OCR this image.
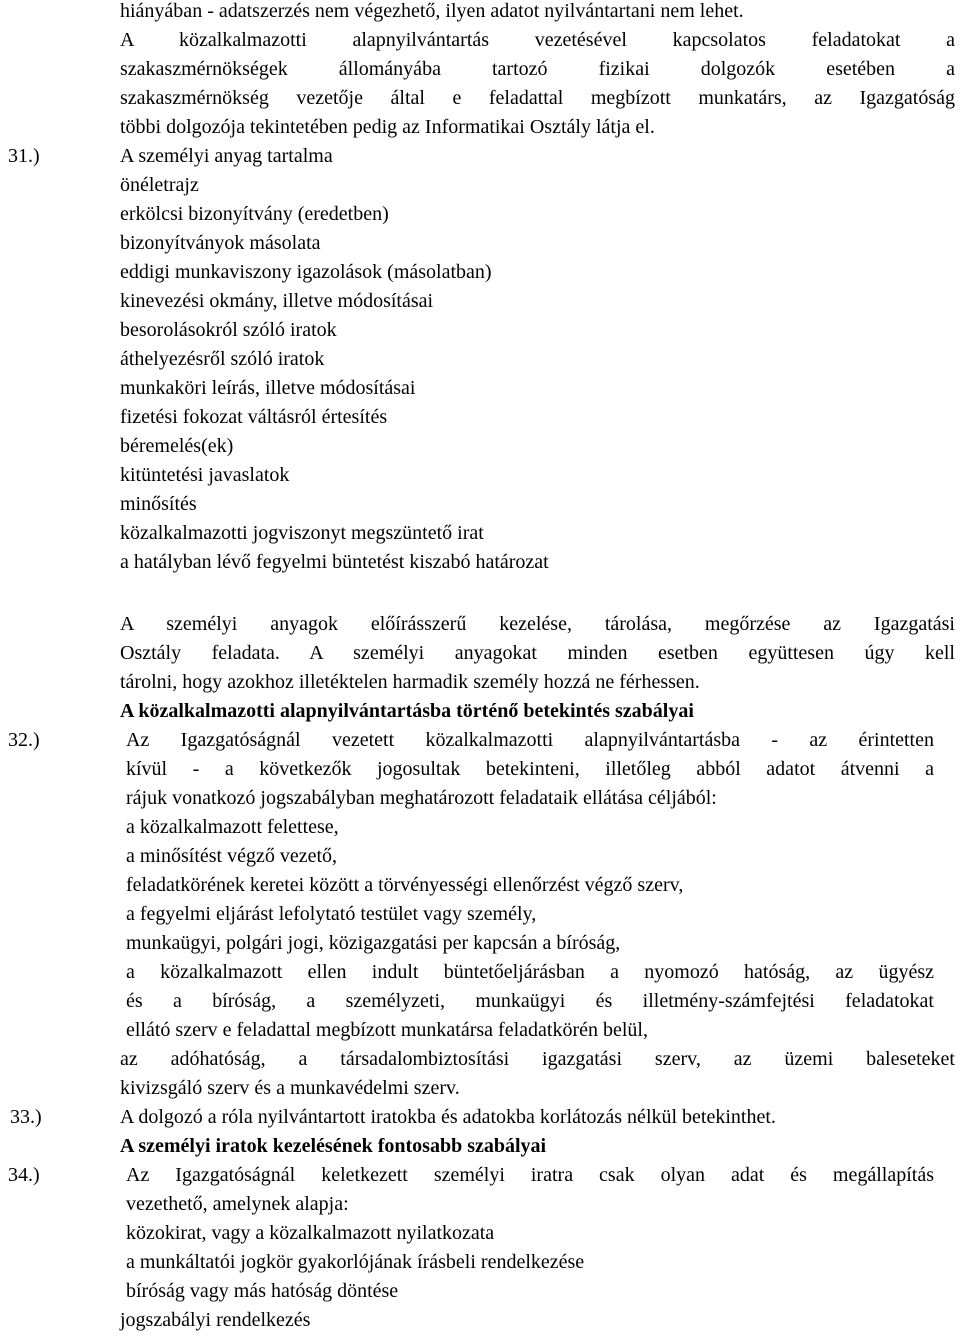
hiányában - adatszerzés nem végezhető, ilyen adatot nyilvántartani nem lehet.
A közalkalmazotti alapnyilvántartás vezetésével kapcsolatos feladatokat a
szakaszmérnökségek állományába tartozó fizikai dolgozók esetében a
szakaszmérnökség vezetője által e feladattal megbízott munkatárs, az Igazgatóság
többi dolgozója tekintetében pedig az Informatikai Osztály látja el.
31.)	A személyi anyag tartalma
önéletrajz
erkölcsi bizonyítvány (eredetben)
bizonyítványok másolata
eddigi munkaviszony igazolások (másolatban)
kinevezési okmány, illetve módosításai
besorolásokról szóló iratok
áthelyezésről szóló iratok
munkaköri leírás, illetve módosításai
fizetési fokozat váltásról értesítés
béremelés(ek)
kitüntetési javaslatok
minősítés
közalkalmazotti jogviszonyt megszüntető irat
a hatályban lévő fegyelmi büntetést kiszabó határozat
A személyi anyagok előírásszerű kezelése, tárolása, megőrzése az Igazgatási
Osztály feladata. A személyi anyagokat minden esetben együttesen úgy kell
tárolni, hogy azokhoz illetéktelen harmadik személy hozzá ne férhessen.
A közalkalmazotti alapnyilvántartásba történő betekintés szabályai
32.)	Az Igazgatóságnál vezetett közalkalmazotti alapnyilvántartásba - az érintetten
kívül - a következők jogosultak betekinteni, illetőleg abból adatot átvenni a
rájuk vonatkozó jogszabályban meghatározott feladataik ellátása céljából:
a közalkalmazott felettese,
a minősítést végző vezető,
feladatkörének keretei között a törvényességi ellenőrzést végző szerv,
a fegyelmi eljárást lefolytató testület vagy személy,
munkaügyi, polgári jogi, közigazgatási per kapcsán a bíróság,
a közalkalmazott ellen indult büntetőeljárásban a nyomozó hatóság, az ügyész
és a bíróság, a személyzeti, munkaügyi és illetmény-számfejtési feladatokat
ellátó szerv e feladattal megbízott munkatársa feladatkörén belül,
az adóhatóság, a társadalombiztosítási igazgatási szerv, az üzemi baleseteket
kivizsgáló szerv és a munkavédelmi szerv.
33.)	A dolgozó a róla nyilvántartott iratokba és adatokba korlátozás nélkül betekinthet.
A személyi iratok kezelésének fontosabb szabályai
34.)	Az Igazgatóságnál keletkezett személyi iratra csak olyan adat és megállapítás
vezethető, amelynek alapja:
közokirat, vagy a közalkalmazott nyilatkozata
a munkáltatói jogkör gyakorlójának írásbeli rendelkezése
bíróság vagy más hatóság döntése
jogszabályi rendelkezés
